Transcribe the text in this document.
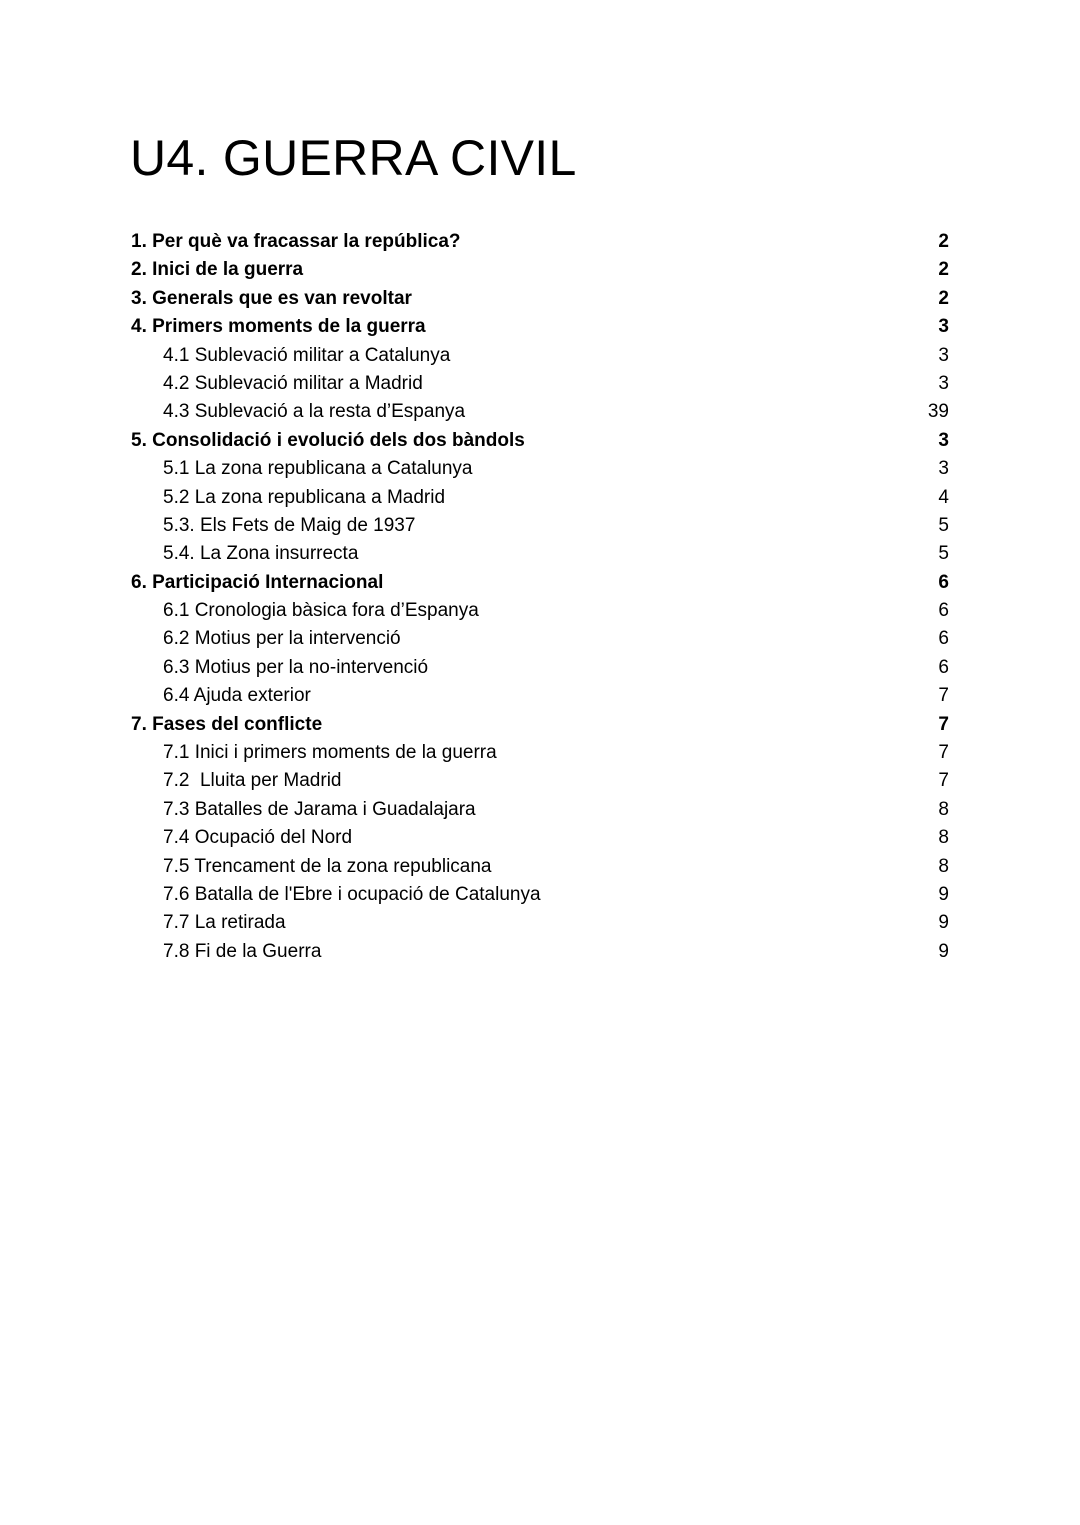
U4. GUERRA CIVIL
1. Per què va fracassar la república?	2
2. Inici de la guerra	2
3. Generals que es van revoltar	2
4. Primers moments de la guerra	3
4.1 Sublevació militar a Catalunya	3
4.2 Sublevació militar a Madrid	3
4.3 Sublevació a la resta d’Espanya	39
5. Consolidació i evolució dels dos bàndols	3
5.1 La zona republicana a Catalunya	3
5.2 La zona republicana a Madrid	4
5.3. Els Fets de Maig de 1937	5
5.4. La Zona insurrecta	5
6. Participació Internacional	6
6.1 Cronologia bàsica fora d’Espanya	6
6.2 Motius per la intervenció	6
6.3 Motius per la no-intervenció	6
6.4 Ajuda exterior	7
7. Fases del conflicte	7
7.1 Inici i primers moments de la guerra	7
7.2  Lluita per Madrid	7
7.3 Batalles de Jarama i Guadalajara	8
7.4 Ocupació del Nord	8
7.5 Trencament de la zona republicana	8
7.6 Batalla de l'Ebre i ocupació de Catalunya	9
7.7 La retirada	9
7.8 Fi de la Guerra	9
